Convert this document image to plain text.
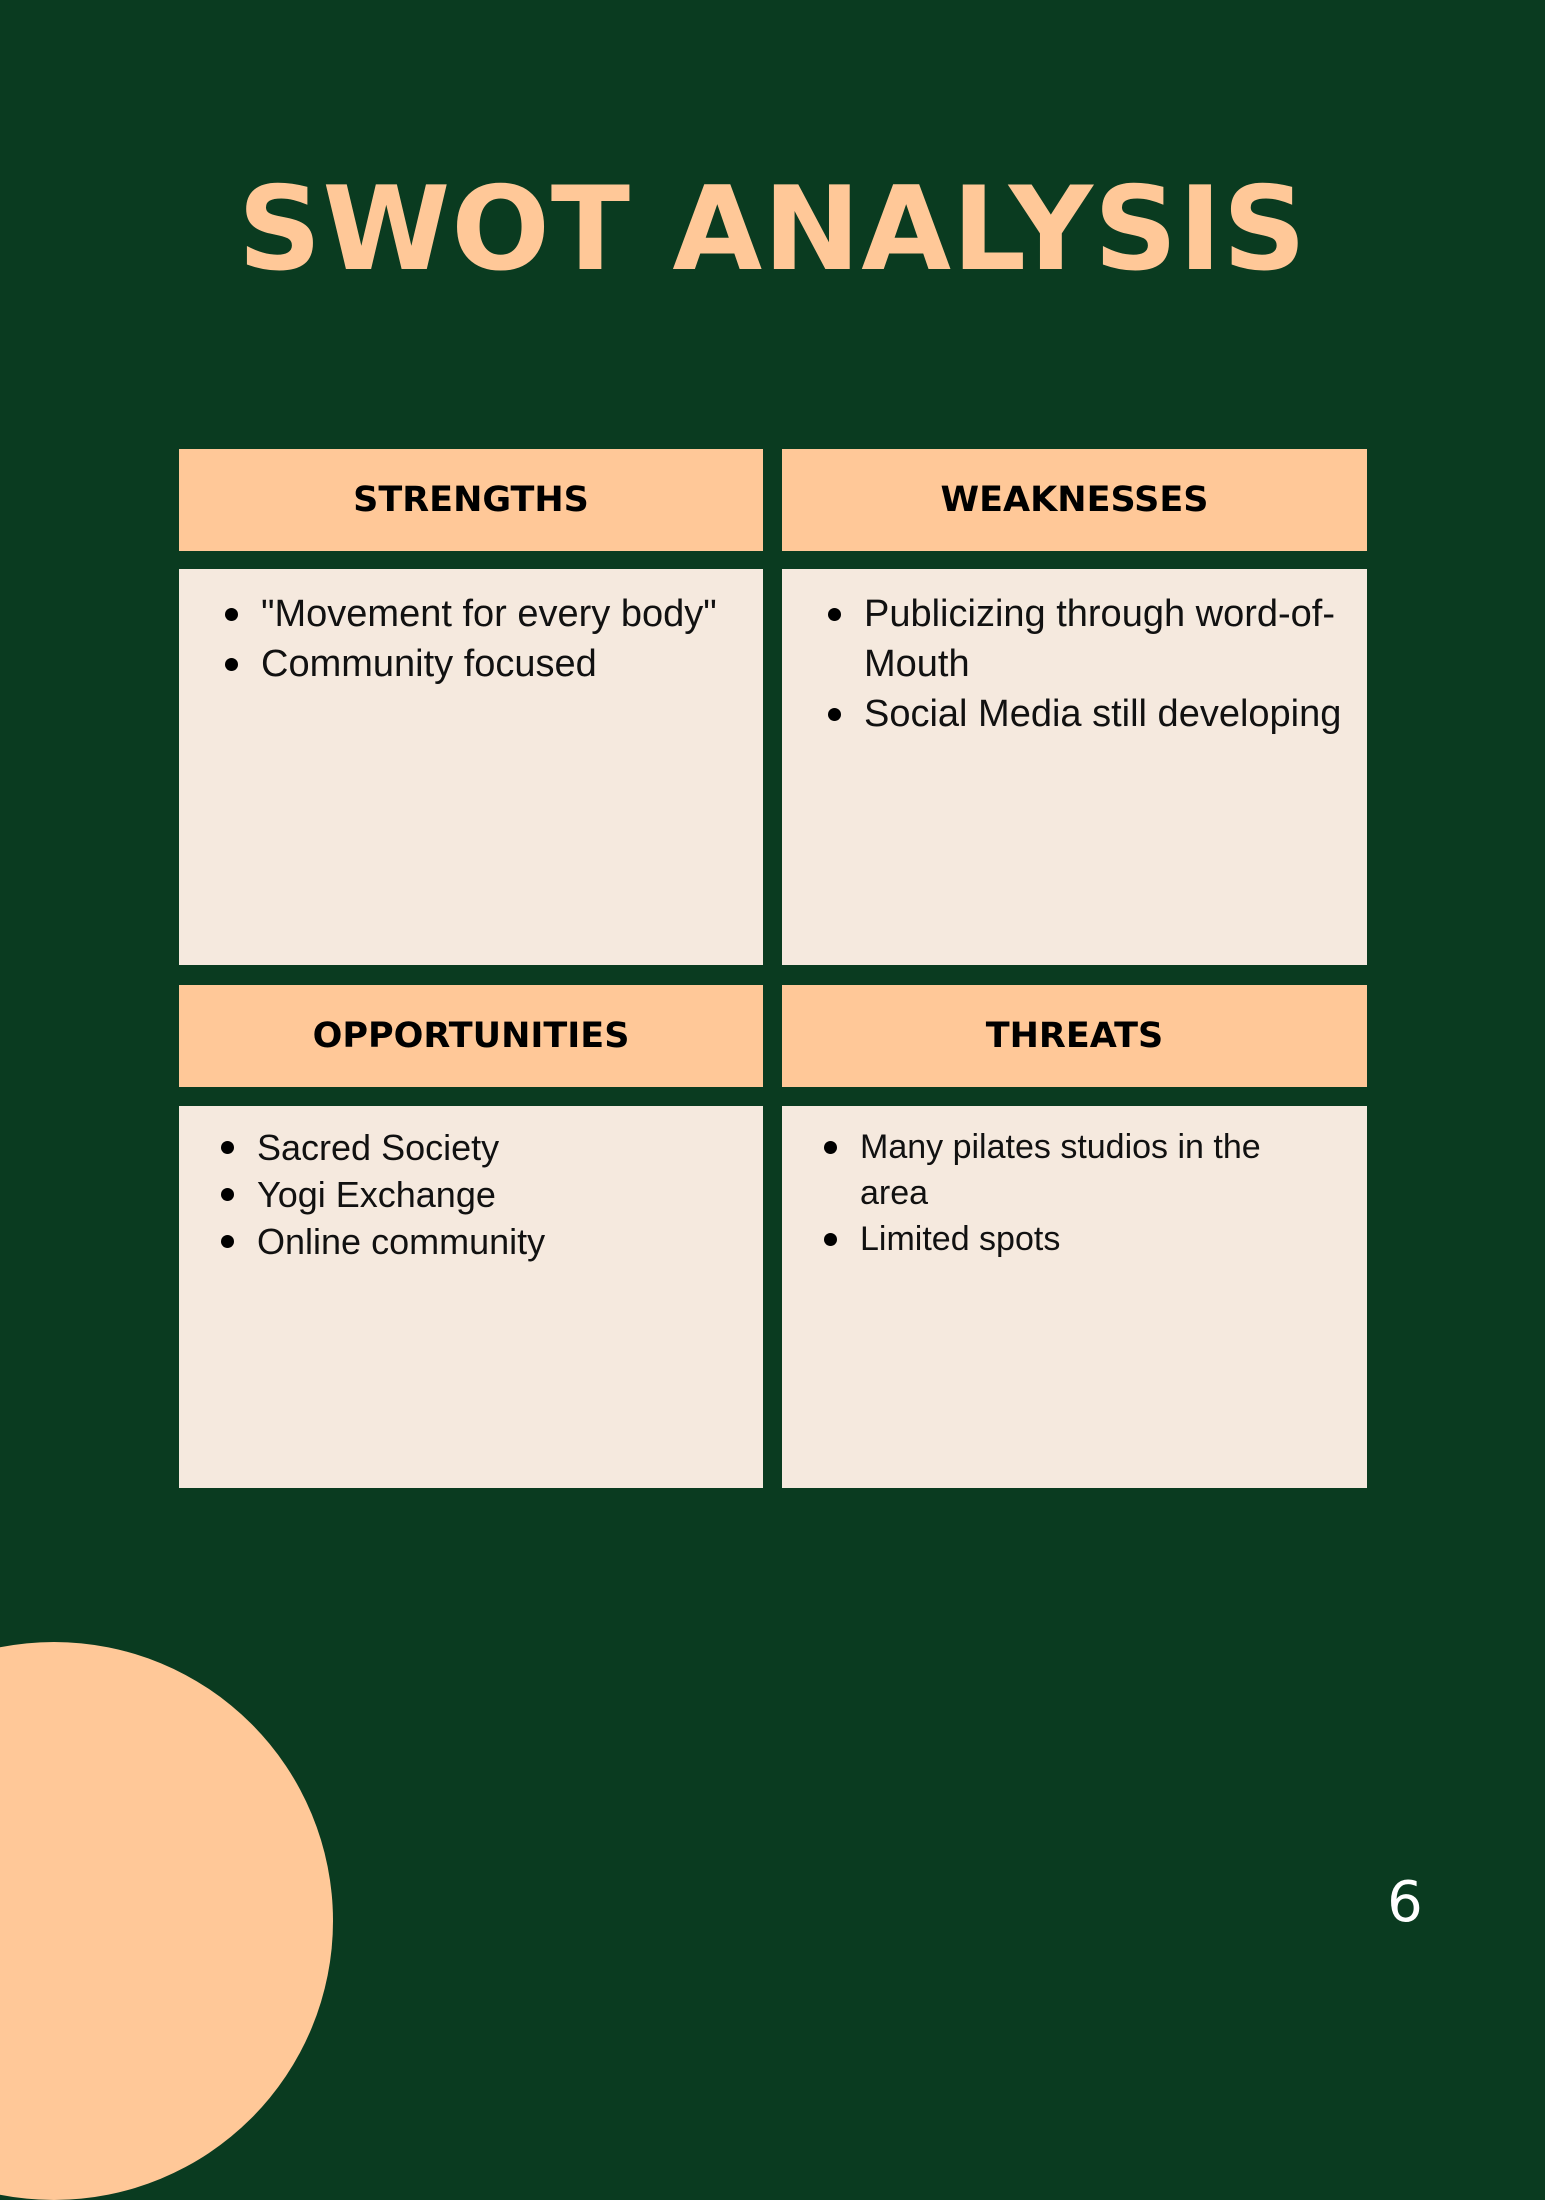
SWOT ANALYSIS
STRENGTHS	WEAKNESSES
"Movement for every body"
Community focused
Publicizing through word-of-Mouth
Social Media still developing
OPPORTUNITIES	THREATS
Sacred Society
Yogi Exchange
Online community
Many pilates studios in the area
Limited spots
6
